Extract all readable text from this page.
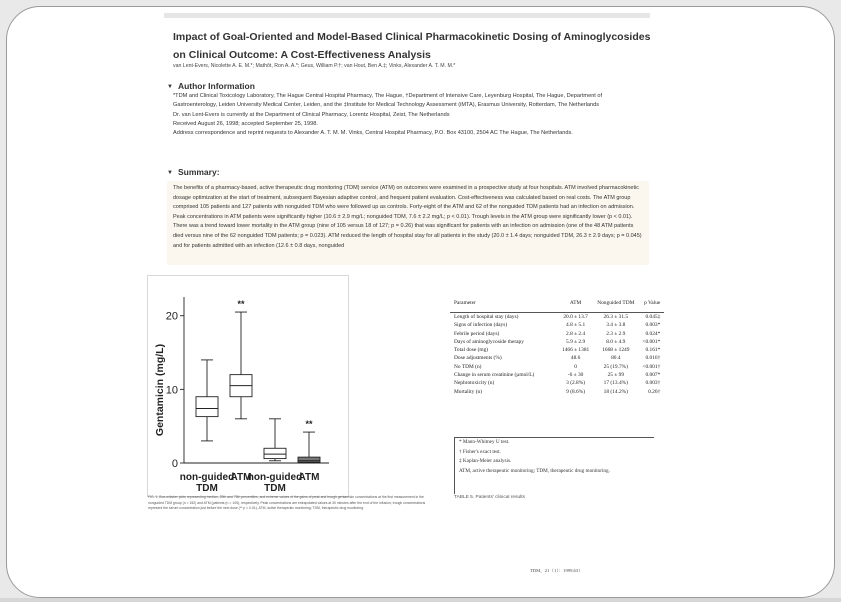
Impact of Goal-Oriented and Model-Based Clinical Pharmacokinetic Dosing of Aminoglycosides on Clinical Outcome: A Cost-Effectiveness Analysis
van Lent-Evers, Nicolette A. E. M.*; Mathôt, Ron A. A.*; Geus, William P.†; van Hout, Ben A.‡; Vinks, Alexander A. T. M. M.*
▼ Author Information
*TDM and Clinical Toxicology Laboratory, The Hague Central Hospital Pharmacy, The Hague, †Department of Intensive Care, Leyenburg Hospital, The Hague, Department of Gastroenterology, Leiden University Medical Center, Leiden, and the ‡Institute for Medical Technology Assessment (iMTA), Erasmus University, Rotterdam, The Netherlands
Dr. van Lent-Evers is currently at the Department of Clinical Pharmacy, Lorentz Hospital, Zeist, The Netherlands
Received August 26, 1998; accepted September 25, 1998.
Address correspondence and reprint requests to Alexander A. T. M. M. Vinks, Central Hospital Pharmacy, P.O. Box 43100, 2504 AC The Hague, The Netherlands.
▼ Summary:
The benefits of a pharmacy-based, active therapeutic drug monitoring (TDM) service (ATM) on outcomes were examined in a prospective study at four hospitals. ATM involved pharmacokinetic dosage optimization at the start of treatment, subsequent Bayesian adaptive control, and frequent patient evaluation. Cost-effectiveness was calculated based on real costs. The ATM group comprised 105 patients and 127 patients with nonguided TDM who were followed up as controls. Forty-eight of the ATM and 62 of the nonguided TDM patients had an infection on admission. Peak concentrations in ATM patients were significantly higher (10.6 ± 2.9 mg/L; nonguided TDM, 7.6 ± 2.2 mg/L; p < 0.01). Trough levels in the ATM group were significantly lower (p < 0.01). There was a trend toward lower mortality in the ATM group (nine of 105 versus 18 of 127; p = 0.26) that was significant for patients with an infection on admission (one of the 48 ATM patients died versus nine of the 62 nonguided TDM patients; p = 0.023). ATM reduced the length of hospital stay for all patients in the study (20.0 ± 1.4 days; nonguided TDM, 26.3 ± 2.9 days; p = 0.045) and for patients admitted with an infection (12.6 ± 0.8 days, nonguided
Gentamicin (mg/L)
0
10
20
**
**
non-guided TDM
ATM
non-guided TDM
ATM
FIG. 1. Box-whisker plots representing median, 25th and 75th percentiles, and extreme values of the gains of peak and trough gentamicin concentrations at the first measurement in the nonguided TDM group (n = 152) and ATM (patients (n = 105), respectively. Peak concentrations are extrapolated values at 30 minutes after the end of the infusion; trough concentrations represent the serum concentration just before the next dose (** p < 0.01). ATM, active therapeutic monitoring; TDM, therapeutic drug monitoring.
Parameter	ATM	Nonguided TDM	p Value
Length of hospital stay (days)	20.0 ± 13.7	26.3 ± 31.5	0.045‡
Signs of infection (days)	4.8 ± 5.1	3.4 ± 3.8	0.003*
Febrile period (days)	2.8 ± 2.4	2.3 ± 2.9	0.024*
Days of aminoglycoside therapy	5.9 ± 2.9	8.0 ± 4.9	<0.001*
Total dose (mg)	1466 ± 1381	1668 ± 1249	0.161*
Dose adjustments (%)	48.6	80.4	0.016†
No TDM (n)	0	25 (19.7%)	<0.001†
Change in serum creatinine (µmol/L)	-6 ± 30	25 ± 99	0.007*
Nephrotoxicity (n)	3 (2.8%)	17 (13.4%)	0.003†
Mortality (n)	9 (8.6%)	18 (14.2%)	0.26†
* Mann-Whitney U test.
† Fisher's exact test.
‡ Kaplan-Meier analysis.
ATM, active therapeutic monitoring; TDM, therapeutic drug monitoring.
TABLE 5. Patients' clinical results
TDM，21（1）：1999,63）
